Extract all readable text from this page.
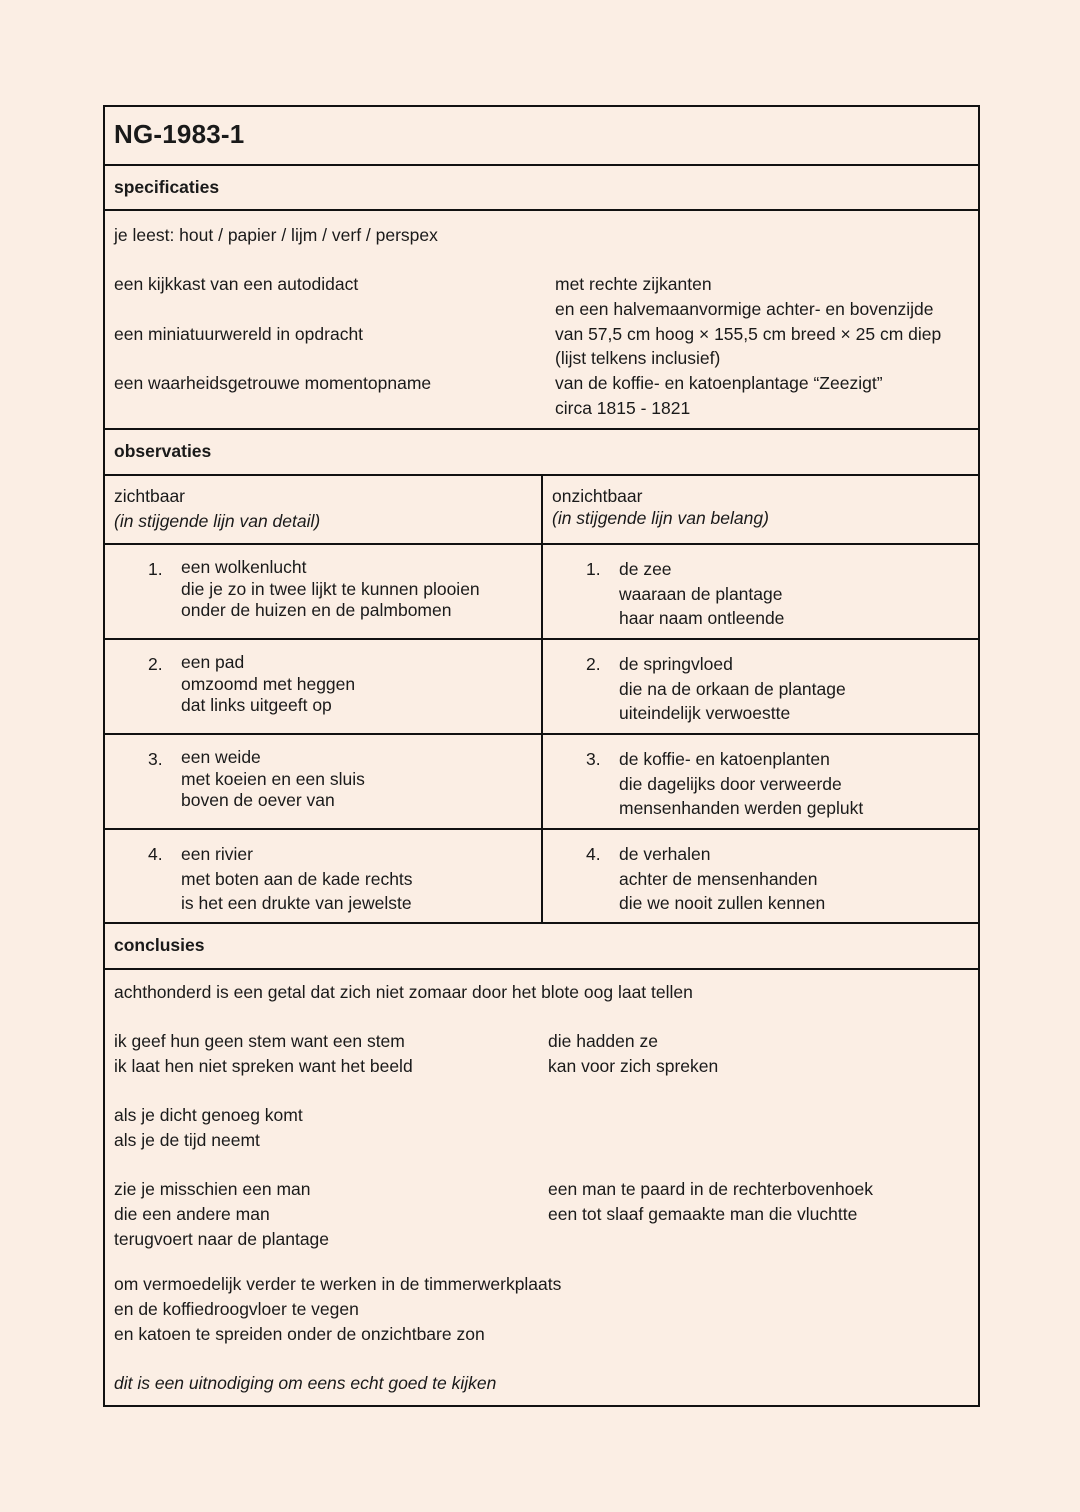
NG-1983-1
specificaties
je leest: hout / papier / lijm / verf / perspex
een kijkkast van een autodidact
een miniatuurwereld in opdracht
een waarheidsgetrouwe momentopname
met rechte zijkanten
en een halvemaanvormige achter- en bovenzijde
van 57,5 cm hoog × 155,5 cm breed × 25 cm diep
(lijst telkens inclusief)
van de koffie- en katoenplantage “Zeezigt”
circa 1815 - 1821
observaties
zichtbaar
(in stijgende lijn van detail)
onzichtbaar
(in stijgende lijn van belang)
1. een wolkenlucht
die je zo in twee lijkt te kunnen plooien
onder de huizen en de palmbomen
1. de zee
waaraan de plantage
haar naam ontleende
2. een pad
omzoomd met heggen
dat links uitgeeft op
2. de springvloed
die na de orkaan de plantage
uiteindelijk verwoestte
3. een weide
met koeien en een sluis
boven de oever van
3. de koffie- en katoenplanten
die dagelijks door verweerde
mensenhanden werden geplukt
4. een rivier
met boten aan de kade rechts
is het een drukte van jewelste
4. de verhalen
achter de mensenhanden
die we nooit zullen kennen
conclusies
achthonderd is een getal dat zich niet zomaar door het blote oog laat tellen
ik geef hun geen stem want een stem
ik laat hen niet spreken want het beeld
die hadden ze
kan voor zich spreken
als je dicht genoeg komt
als je de tijd neemt
zie je misschien een man
die een andere man
terugvoert naar de plantage
een man te paard in de rechterbovenhoek
een tot slaaf gemaakte man die vluchtte
om vermoedelijk verder te werken in de timmerwerkplaats
en de koffiedroogvloer te vegen
en katoen te spreiden onder de onzichtbare zon
dit is een uitnodiging om eens echt goed te kijken
